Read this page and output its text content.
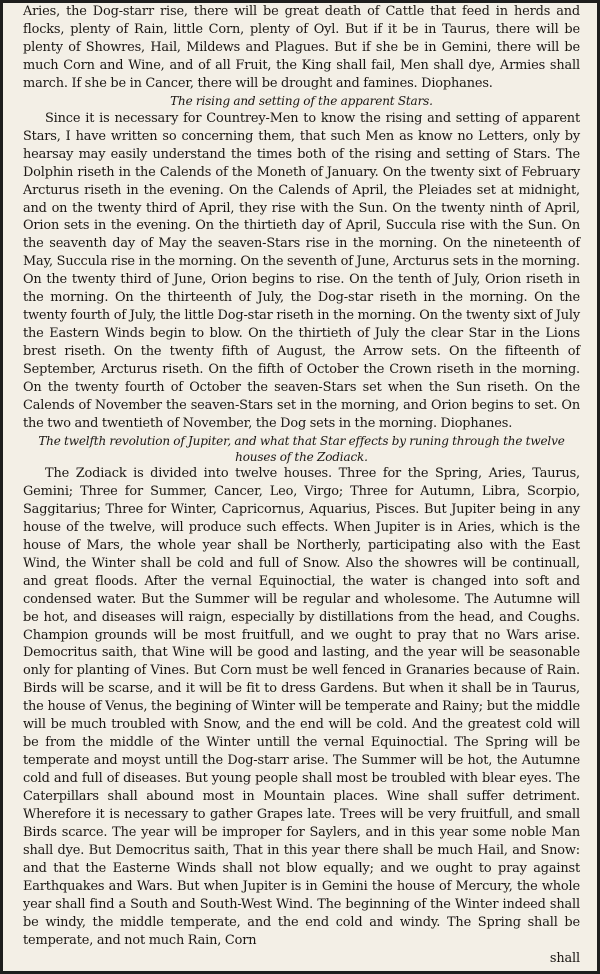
Aries, the Dog-starr rise, there will be great death of Cattle that feed in herds and flocks, plenty of Rain, little Corn, plenty of Oyl. But if it be in Taurus, there will be plenty of Showres, Hail, Mildews and Plagues. But if she be in Gemini, there will be much Corn and Wine, and of all Fruit, the King shall fail, Men shall dye, Armies shall march. If she be in Cancer, there will be drought and famines. Diophanes.

The rising and setting of the apparent Stars.

Since it is necessary for Countrey-Men to know the rising and setting of apparent Stars, I have written so concerning them, that such Men as know no Letters, only by hearsay may easily understand the times both of the rising and setting of Stars. The Dolphin riseth in the Calends of the Moneth of January. On the twenty sixt of February Arcturus riseth in the evening. On the Calends of April, the Pleiades set at midnight, and on the twenty third of April, they rise with the Sun. On the twenty ninth of April, Orion sets in the evening. On the thirtieth day of April, Succula rise with the Sun. On the seaventh day of May the seaven-Stars rise in the morning. On the nineteenth of May, Succula rise in the morning. On the seventh of June, Arcturus sets in the morning. On the twenty third of June, Orion begins to rise. On the tenth of July, Orion riseth in the morning. On the thirteenth of July, the Dog-star riseth in the morning. On the twenty fourth of July, the little Dog-star riseth in the morning. On the twenty sixt of July the Eastern Winds begin to blow. On the thirtieth of July the clear Star in the Lions brest riseth. On the twenty fifth of August, the Arrow sets. On the fifteenth of September, Arcturus riseth. On the fifth of October the Crown riseth in the morning. On the twenty fourth of October the seaven-Stars set when the Sun riseth. On the Calends of November the seaven-Stars set in the morning, and Orion begins to set. On the two and twentieth of November, the Dog sets in the morning. Diophanes.

The twelfth revolution of Jupiter, and what that Star effects by runing through the twelve houses of the Zodiack.

The Zodiack is divided into twelve houses. Three for the Spring, Aries, Taurus, Gemini; Three for Summer, Cancer, Leo, Virgo; Three for Autumn, Libra, Scorpio, Saggitarius; Three for Winter, Capricornus, Aquarius, Pisces. But Jupiter being in any house of the twelve, will produce such effects. When Jupiter is in Aries, which is the house of Mars, the whole year shall be Northerly, participating also with the East Wind, the Winter shall be cold and full of Snow. Also the showres will be continuall, and great floods. After the vernal Equinoctial, the water is changed into soft and condensed water. But the Summer will be regular and wholesome. The Autumne will be hot, and diseases will raign, especially by distillations from the head, and Coughs. Champion grounds will be most fruitfull, and we ought to pray that no Wars arise. Democritus saith, that Wine will be good and lasting, and the year will be seasonable only for planting of Vines. But Corn must be well fenced in Granaries because of Rain. Birds will be scarse, and it will be fit to dress Gardens. But when it shall be in Taurus, the house of Venus, the begining of Winter will be temperate and Rainy; but the middle will be much troubled with Snow, and the end will be cold. And the greatest cold will be from the middle of the Winter untill the vernal Equinoctial. The Spring will be temperate and moyst untill the Dog-starr arise. The Summer will be hot, the Autumne cold and full of diseases. But young people shall most be troubled with blear eyes. The Caterpillars shall abound most in Mountain places. Wine shall suffer detriment. Wherefore it is necessary to gather Grapes late. Trees will be very fruitfull, and small Birds scarce. The year will be improper for Saylers, and in this year some noble Man shall dye. But Democritus saith, That in this year there shall be much Hail, and Snow: and that the Easterne Winds shall not blow equally; and we ought to pray against Earthquakes and Wars. But when Jupiter is in Gemini the house of Mercury, the whole year shall find a South and South-West Wind. The beginning of the Winter indeed shall be windy, the middle temperate, and the end cold and windy. The Spring shall be temperate, and not much Rain, Corn

shall
